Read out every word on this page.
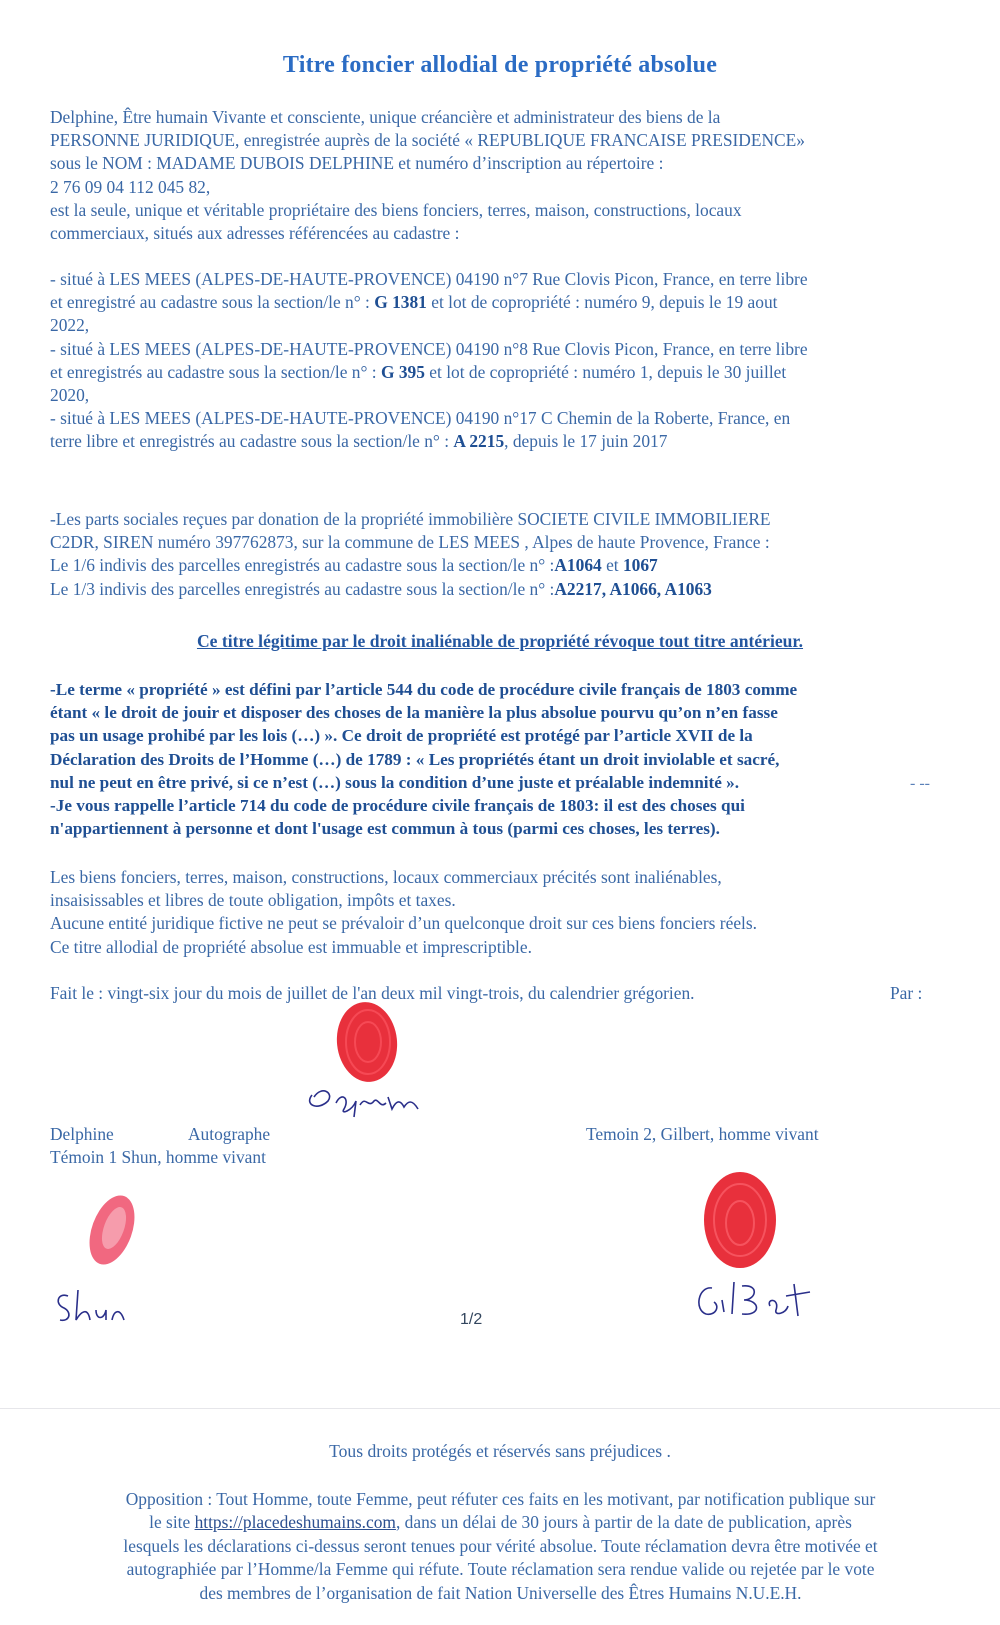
Titre foncier allodial de propriété absolue

Delphine, Être humain Vivante et consciente, unique créancière et administrateur des biens de la

PERSONNE JURIDIQUE, enregistrée auprès de la société « REPUBLIQUE FRANCAISE PRESIDENCE»

sous le NOM : MADAME DUBOIS DELPHINE et numéro d’inscription au répertoire :

2 76 09 04 112 045 82,

est la seule, unique et véritable propriétaire des biens fonciers, terres, maison, constructions, locaux

commerciaux, situés aux adresses référencées au cadastre :

- situé à LES MEES (ALPES-DE-HAUTE-PROVENCE) 04190 n°7 Rue Clovis Picon, France, en terre libre

et enregistré au cadastre sous la section/le n° : G 1381 et lot de copropriété : numéro 9, depuis le 19 aout

2022,

- situé à LES MEES (ALPES-DE-HAUTE-PROVENCE) 04190 n°8 Rue Clovis Picon, France, en terre libre

et enregistrés au cadastre sous la section/le n° : G 395 et lot de copropriété : numéro 1, depuis le 30 juillet

2020,

- situé à LES MEES (ALPES-DE-HAUTE-PROVENCE) 04190 n°17 C Chemin de la Roberte, France, en

terre libre et enregistrés au cadastre sous la section/le n° : A 2215, depuis le 17 juin 2017

-Les parts sociales reçues par donation de la propriété immobilière SOCIETE CIVILE IMMOBILIERE

C2DR, SIREN numéro 397762873, sur la commune de LES MEES , Alpes de haute Provence, France :

Le 1/6 indivis des parcelles enregistrés au cadastre sous la section/le n° :A1064 et 1067

Le 1/3 indivis des parcelles enregistrés au cadastre sous la section/le n° :A2217, A1066, A1063

Ce titre légitime par le droit inaliénable de propriété révoque tout titre antérieur.

-Le terme « propriété » est défini par l’article 544 du code de procédure civile français de 1803 comme

étant « le droit de jouir et disposer des choses de la manière la plus absolue pourvu qu’on n’en fasse

pas un usage prohibé par les lois (…) ». Ce droit de propriété est protégé par l’article XVII de la

Déclaration des Droits de l’Homme (…) de 1789 : « Les propriétés étant un droit inviolable et sacré,

nul ne peut en être privé, si ce n’est (…) sous la condition d’une juste et préalable indemnité ».

-Je vous rappelle l’article 714 du code de procédure civile français de 1803: il est des choses qui

n'appartiennent à personne et dont l'usage est commun à tous (parmi ces choses, les terres).

- --

Les biens fonciers, terres, maison, constructions, locaux commerciaux précités sont inaliénables,

insaisissables et libres de toute obligation, impôts et taxes.

Aucune entité juridique fictive ne peut se prévaloir d’un quelconque droit sur ces biens fonciers réels.

Ce titre allodial de propriété absolue est immuable et imprescriptible.

Fait le : vingt-six jour du mois de juillet de l'an deux mil vingt-trois, du calendrier grégorien.	Par :
Delphine
Delphine	Autographe
Témoin 1 Shun, homme vivant
Temoin 2, Gilbert, homme vivant
Shun
Gilbert
1/2
Tous droits protégés et réservés sans préjudices .
Opposition : Tout Homme, toute Femme, peut réfuter ces faits en les motivant, par notification publique sur
le site https://placedeshumains.com, dans un délai de 30 jours à partir de la date de publication, après
lesquels les déclarations ci-dessus seront tenues pour vérité absolue. Toute réclamation devra être motivée et
autographiée par l’Homme/la Femme qui réfute. Toute réclamation sera rendue valide ou rejetée par le vote
des membres de l’organisation de fait Nation Universelle des Êtres Humains N.U.E.H.
